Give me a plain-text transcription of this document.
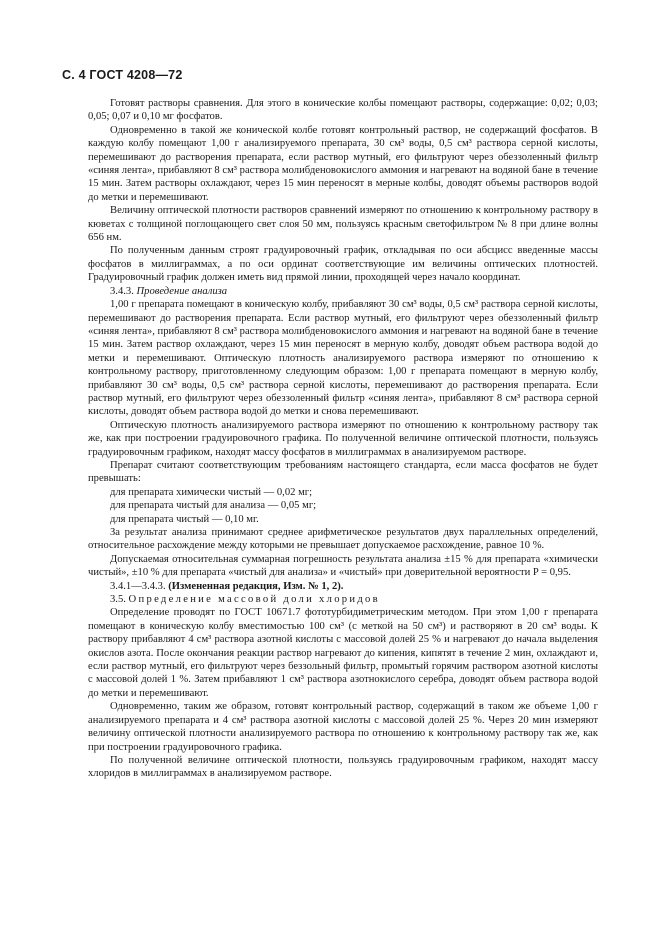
С. 4 ГОСТ 4208—72

Готовят растворы сравнения. Для этого в конические колбы помещают растворы, содержащие: 0,02; 0,03; 0,05; 0,07 и 0,10 мг фосфатов.

Одновременно в такой же конической колбе готовят контрольный раствор, не содержащий фосфатов. В каждую колбу помещают 1,00 г анализируемого препарата, 30 см³ воды, 0,5 см³ раствора серной кислоты, перемешивают до растворения препарата, если раствор мутный, его фильтруют через обеззоленный фильтр «синяя лента», прибавляют 8 см³ раствора молибденовокислого аммония и нагревают на водяной бане в течение 15 мин. Затем растворы охлаждают, через 15 мин переносят в мерные колбы, доводят объемы растворов водой до метки и перемешивают.

Величину оптической плотности растворов сравнений измеряют по отношению к контрольному раствору в кюветах с толщиной поглощающего свет слоя 50 мм, пользуясь красным светофильтром № 8 при длине волны 656 нм.

По полученным данным строят градуировочный график, откладывая по оси абсцисс введенные массы фосфатов в миллиграммах, а по оси ординат соответствующие им величины оптических плотностей. Градуировочный график должен иметь вид прямой линии, проходящей через начало координат.

3.4.3. Проведение анализа

1,00 г препарата помещают в коническую колбу, прибавляют 30 см³ воды, 0,5 см³ раствора серной кислоты, перемешивают до растворения препарата. Если раствор мутный, его фильтруют через обеззоленный фильтр «синяя лента», прибавляют 8 см³ раствора молибденовокислого аммония и нагревают на водяной бане в течение 15 мин. Затем раствор охлаждают, через 15 мин переносят в мерную колбу, доводят объем раствора водой до метки и перемешивают. Оптическую плотность анализируемого раствора измеряют по отношению к контрольному раствору, приготовленному следующим образом: 1,00 г препарата помещают в мерную колбу, прибавляют 30 см³ воды, 0,5 см³ раствора серной кислоты, перемешивают до растворения препарата. Если раствор мутный, его фильтруют через обеззоленный фильтр «синяя лента», прибавляют 8 см³ раствора серной кислоты, доводят объем раствора водой до метки и снова перемешивают.

Оптическую плотность анализируемого раствора измеряют по отношению к контрольному раствору так же, как при построении градуировочного графика. По полученной величине оптической плотности, пользуясь градуировочным графиком, находят массу фосфатов в миллиграммах в анализируемом растворе.

Препарат считают соответствующим требованиям настоящего стандарта, если масса фосфатов не будет превышать:

для препарата химически чистый — 0,02 мг;

для препарата чистый для анализа — 0,05 мг;

для препарата чистый — 0,10 мг.

За результат анализа принимают среднее арифметическое результатов двух параллельных определений, относительное расхождение между которыми не превышает допускаемое расхождение, равное 10 %.

Допускаемая относительная суммарная погрешность результата анализа ±15 % для препарата «химически чистый», ±10 % для препарата «чистый для анализа» и «чистый» при доверительной вероятности P = 0,95.

3.4.1—3.4.3. (Измененная редакция, Изм. № 1, 2).

3.5. Определение массовой доли хлоридов

Определение проводят по ГОСТ 10671.7 фототурбидиметрическим методом. При этом 1,00 г препарата помещают в коническую колбу вместимостью 100 см³ (с меткой на 50 см³) и растворяют в 20 см³ воды. К раствору прибавляют 4 см³ раствора азотной кислоты с массовой долей 25 % и нагревают до начала выделения окислов азота. После окончания реакции раствор нагревают до кипения, кипятят в течение 2 мин, охлаждают и, если раствор мутный, его фильтруют через беззольный фильтр, промытый горячим раствором азотной кислоты с массовой долей 1 %. Затем прибавляют 1 см³ раствора азотнокислого серебра, доводят объем раствора водой до метки и перемешивают.

Одновременно, таким же образом, готовят контрольный раствор, содержащий в таком же объеме 1,00 г анализируемого препарата и 4 см³ раствора азотной кислоты с массовой долей 25 %. Через 20 мин измеряют величину оптической плотности анализируемого раствора по отношению к контрольному раствору так же, как при построении градуировочного графика.

По полученной величине оптической плотности, пользуясь градуировочным графиком, находят массу хлоридов в миллиграммах в анализируемом растворе.
